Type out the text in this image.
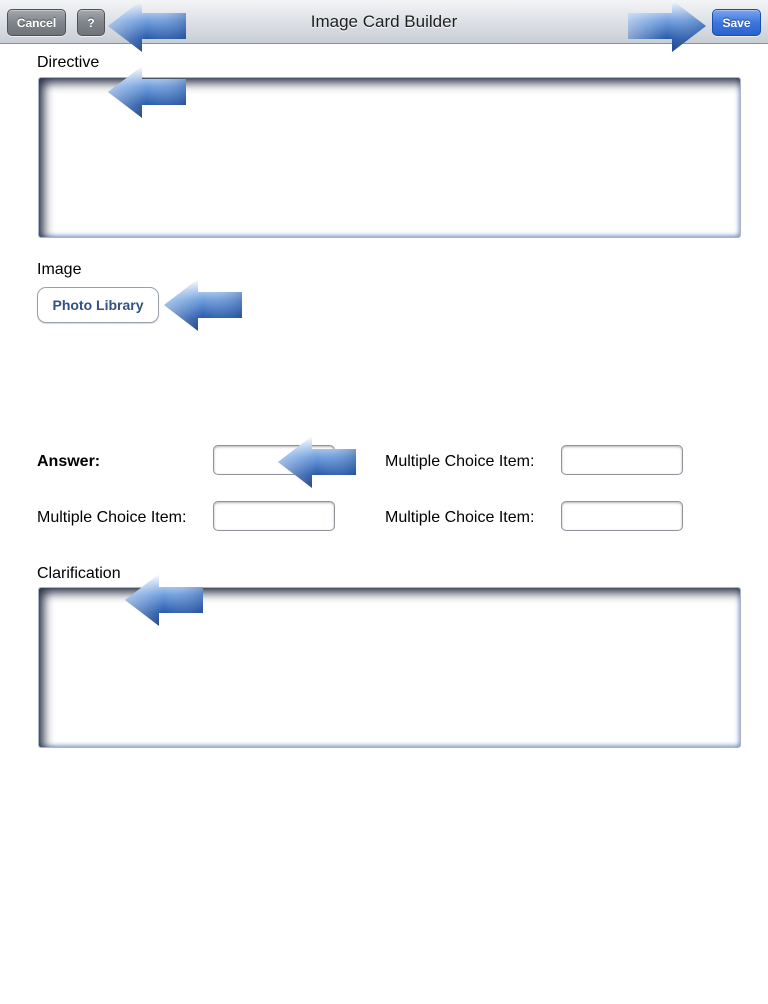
Image Card Builder
Cancel	?	Save
Directive
Image
Photo Library
Answer:	Multiple Choice Item:
Multiple Choice Item:	Multiple Choice Item:
Clarification
